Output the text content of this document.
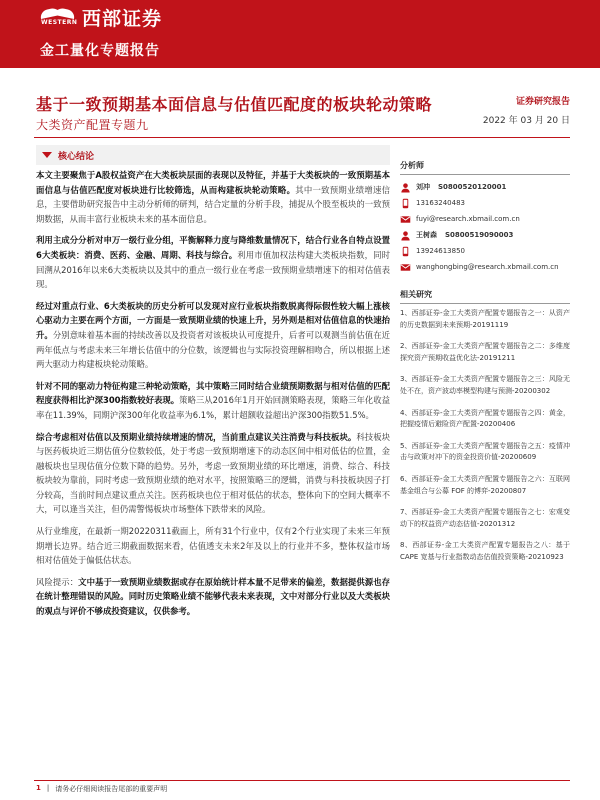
WESTERN 西部证券
金工量化专题报告
基于一致预期基本面信息与估值匹配度的板块轮动策略	证券研究报告
大类资产配置专题九	2022 年 03 月 20 日
核心结论

本文主要聚焦于A股权益资产在大类板块层面的表现以及特征，并基于大类板块的一致预期基本面信息与估值匹配度对板块进行比较筛选，从而构建板块轮动策略。其中一致预期业绩增速信息，主要借助研究报告中主动分析师的研判，结合定量的分析手段，捕捉从个股至板块的一致预期数据，从而丰富行业板块未来的基本面信息。

利用主成分分析对申万一级行业分组，平衡解释力度与降维数量情况下，结合行业各自特点设置6大类板块：消费、医药、金融、周期、科技与综合。利用市值加权法构建大类板块指数，同时回溯从2016年以来6大类板块以及其中的重点一级行业在考虑一致预期业绩增速下的相对估值表现。

经过对重点行业、6大类板块的历史分析可以发现对应行业板块指数脱离得际假性较大幅上涨核心驱动力主要在两个方面，一方面是一致预期业绩的快速上升，另外则是相对估值信息的快速抬升。分别意味着基本面的持续改善以及投资者对该板块认可度提升，后者可以观测当前估值在近两年低点与考虑未来三年增长估值中的分位数，该逻辑也与实际投资理解相吻合，所以根据上述两大驱动力构建板块轮动策略。

针对不同的驱动力特征构建三种轮动策略，其中策略三同时结合业绩预期数据与相对估值的匹配程度获得相比沪深300指数较好表现。策略三从2016年1月开始回测策略表现，策略三年化收益率在11.39%，同期沪深300年化收益率为6.1%，累计超额收益超出沪深300指数51.5%。

综合考虑相对估值以及预期业绩持续增速的情况，当前重点建议关注消费与科技板块。科技板块与医药板块近三期估值分位数较低，处于考虑一致预期增速下的动态区间中相对低估的位置，金融板块也呈现估值分位数下降的趋势。另外，考虑一致预期业绩的环比增速，消费、综合、科技板块较为靠前，同时考虑一致预期业绩的绝对水平，按照策略三的逻辑，消费与科技板块因子打分较高，当前时间点建议重点关注。医药板块也位于相对低估的状态，整体向下的空间大概率不大，可以逢当关注，但仍需警惕板块市场整体下跌带来的风险。

从行业维度，在最新一期20220311截面上，所有31个行业中，仅有2个行业实现了未来三年预期增长边界。结合近三期截面数据来看，估值透支未来2年及以上的行业并不多，整体权益市场相对估值处于偏低估状态。

风险提示：文中基于一致预期业绩数据或存在原始统计样本量不足带来的偏差，数据提供源也存在统计整理错误的风险。同时历史策略业绩不能够代表未来表现，文中对部分行业以及大类板块的观点与评价不够成投资建议，仅供参考。

分析师
刘冲 S0800520120001
13163240483
fuyi@research.xbmail.com.cn
王树森 S0800519090003
13924613850
wanghongbing@research.xbmail.com.cn
相关研究
1、西部证券-金工大类资产配置专题报告之一：从资产的历史数据到未来预期-20191119
2、西部证券-金工大类资产配置专题报告之二：多维度探究资产预期收益优化法-20191211
3、西部证券-金工大类资产配置专题报告之三：风险无处不在，资产波动率模型构建与预测-20200302
4、西部证券-金工大类资产配置专题报告之四：黄金，把握疫情后避险资产配置-20200406
5、西部证券-金工大类资产配置专题报告之五：疫情冲击与政策对冲下的资金投资价值-20200609
6、西部证券-金工大类资产配置专题报告之六：互联网基金组合与公募 FOF 的博弈-20200807
7、西部证券-金工大类资产配置专题报告之七：宏观变动下的权益资产动态估值-20201312
8、西部证券-金工大类资产配置专题报告之八：基于 CAPE 宽基与行业指数动态估值投资策略-20210923
1 | 请务必仔细阅读报告尾部的重要声明
